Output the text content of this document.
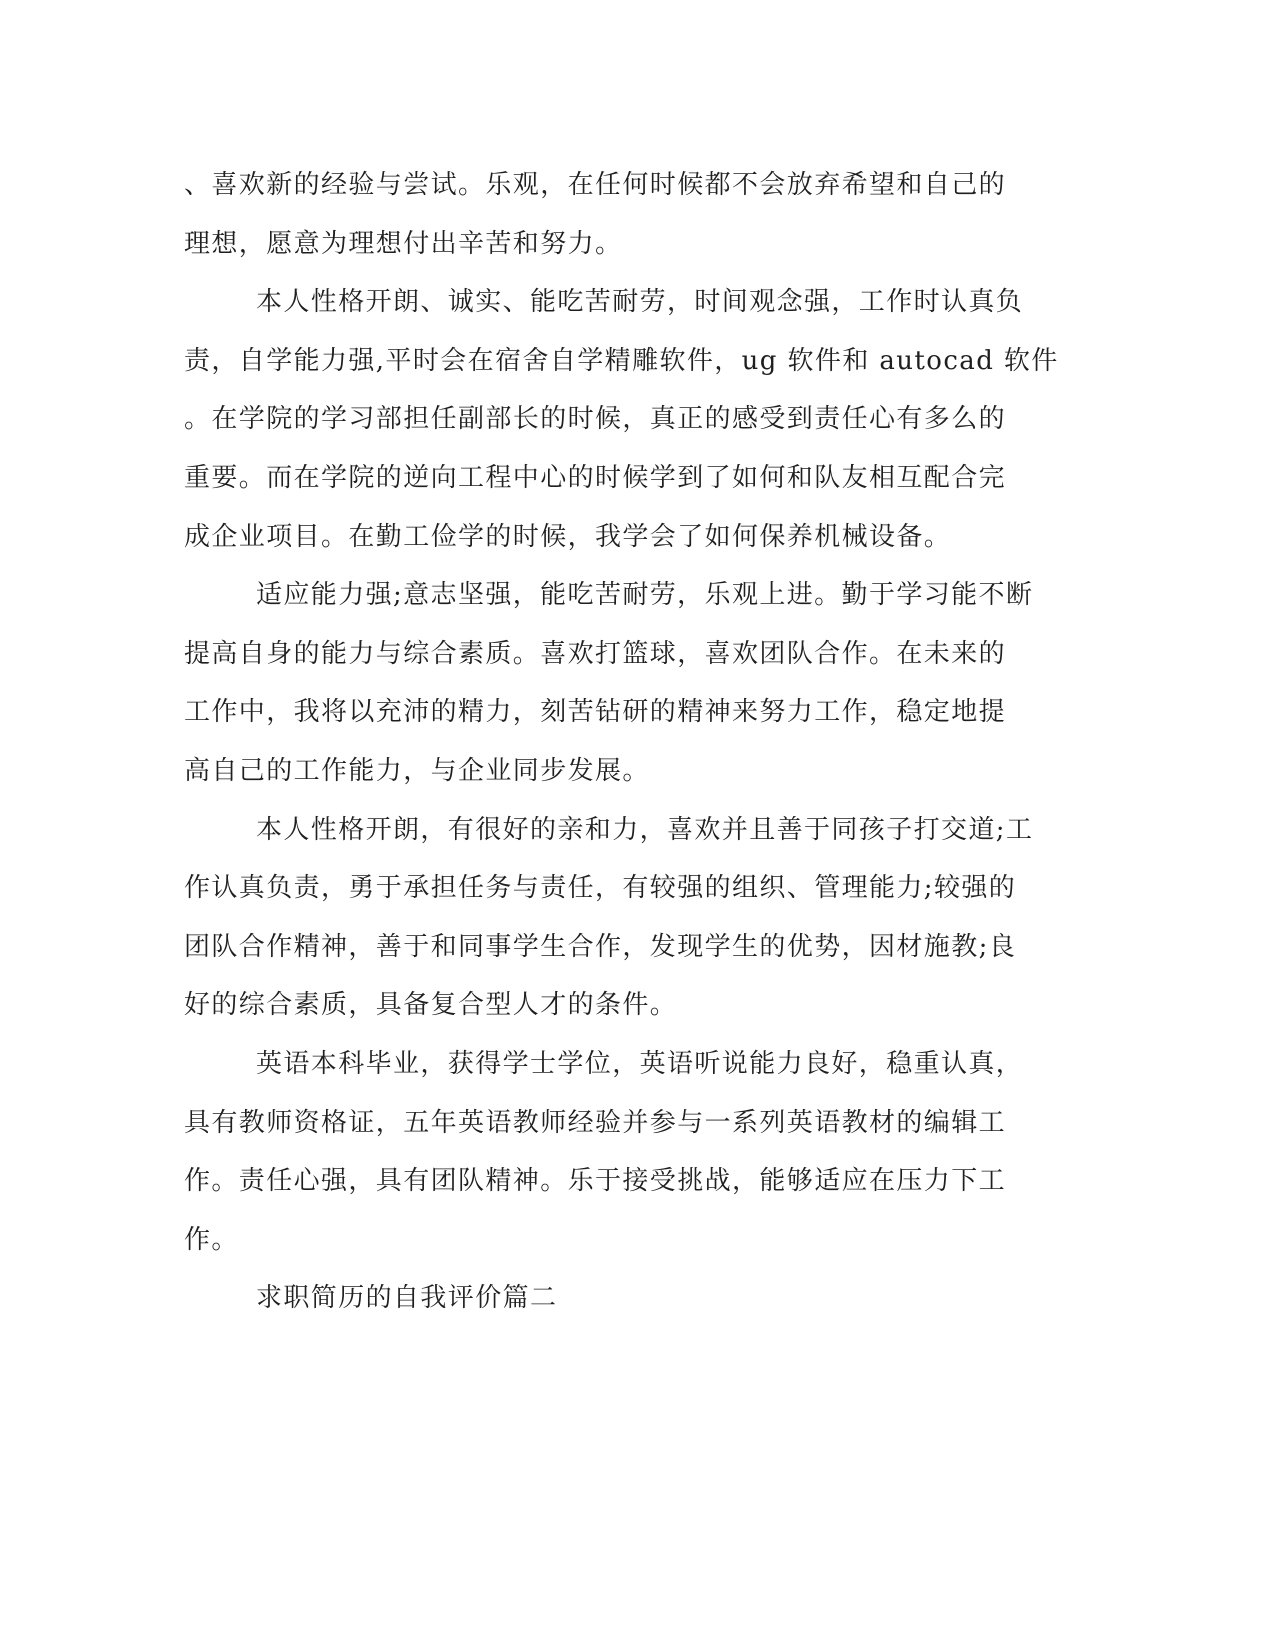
、喜欢新的经验与尝试。乐观，在任何时候都不会放弃希望和自己的
理想，愿意为理想付出辛苦和努力。
本人性格开朗、诚实、能吃苦耐劳，时间观念强，工作时认真负
责，自学能力强,平时会在宿舍自学精雕软件，ug 软件和 autocad 软件
。在学院的学习部担任副部长的时候，真正的感受到责任心有多么的
重要。而在学院的逆向工程中心的时候学到了如何和队友相互配合完
成企业项目。在勤工俭学的时候，我学会了如何保养机械设备。
适应能力强;意志坚强，能吃苦耐劳，乐观上进。勤于学习能不断
提高自身的能力与综合素质。喜欢打篮球，喜欢团队合作。在未来的
工作中，我将以充沛的精力，刻苦钻研的精神来努力工作，稳定地提
高自己的工作能力，与企业同步发展。
本人性格开朗，有很好的亲和力，喜欢并且善于同孩子打交道;工
作认真负责，勇于承担任务与责任，有较强的组织、管理能力;较强的
团队合作精神，善于和同事学生合作，发现学生的优势，因材施教;良
好的综合素质，具备复合型人才的条件。
英语本科毕业，获得学士学位，英语听说能力良好，稳重认真，
具有教师资格证，五年英语教师经验并参与一系列英语教材的编辑工
作。责任心强，具有团队精神。乐于接受挑战，能够适应在压力下工
作。
求职简历的自我评价篇二
